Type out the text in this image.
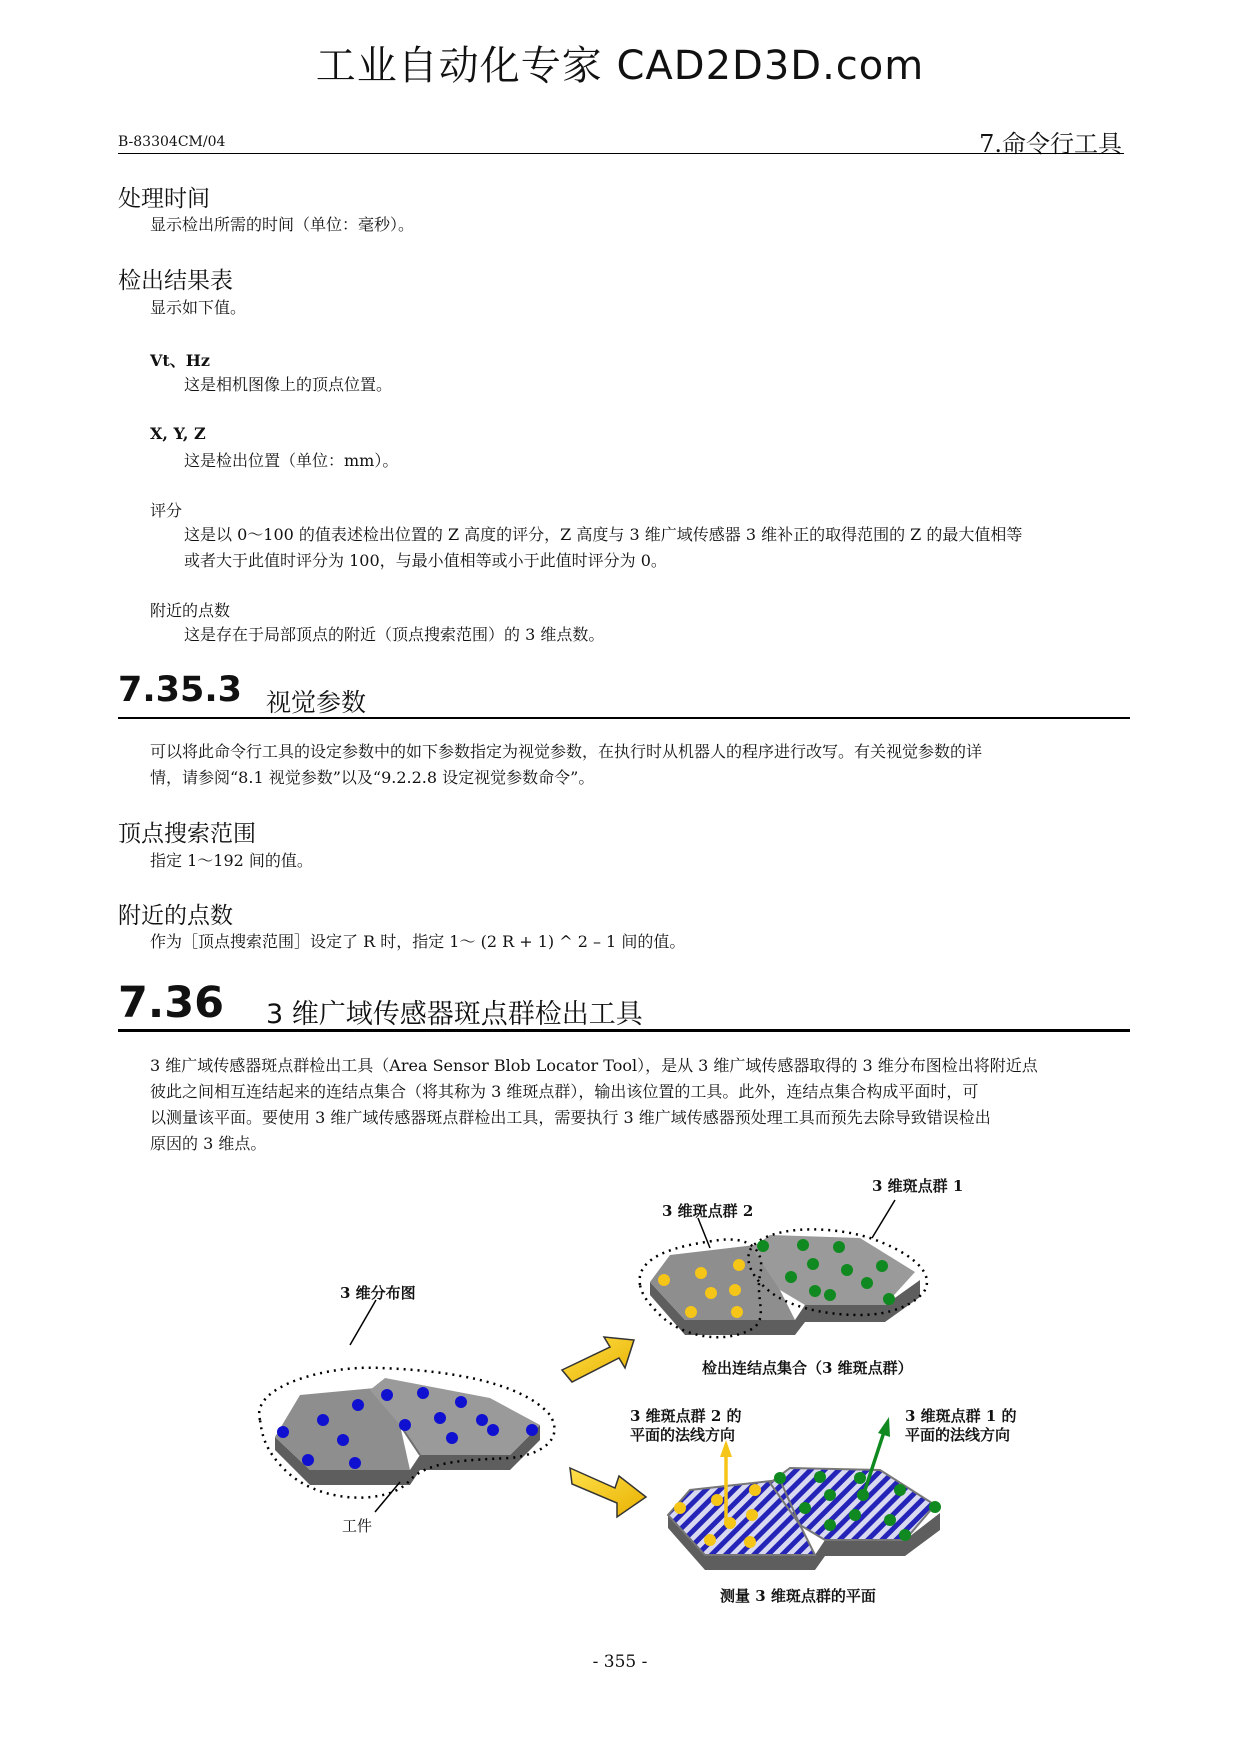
工业自动化专家 CAD2D3D.com
B-83304CM/04	7.命令行工具
处理时间
显示检出所需的时间（单位：毫秒）。
检出结果表
显示如下值。
Vt、Hz
这是相机图像上的顶点位置。
X, Y, Z
这是检出位置（单位：mm）。
评分
这是以 0～100 的值表述检出位置的 Z 高度的评分，Z 高度与 3 维广域传感器 3 维补正的取得范围的 Z 的最大值相等
或者大于此值时评分为 100，与最小值相等或小于此值时评分为 0。
附近的点数
这是存在于局部顶点的附近（顶点搜索范围）的 3 维点数。
7.35.3 视觉参数
可以将此命令行工具的设定参数中的如下参数指定为视觉参数，在执行时从机器人的程序进行改写。有关视觉参数的详
情，请参阅“8.1 视觉参数”以及“9.2.2.8 设定视觉参数命令”。
顶点搜索范围
指定 1～192 间的值。
附近的点数
作为［顶点搜索范围］设定了 R 时，指定 1～ (2 R + 1) ^ 2 – 1 间的值。
7.36 3 维广域传感器斑点群检出工具
3 维广域传感器斑点群检出工具（Area Sensor Blob Locator Tool），是从 3 维广域传感器取得的 3 维分布图检出将附近点
彼此之间相互连结起来的连结点集合（将其称为 3 维斑点群），输出该位置的工具。此外，连结点集合构成平面时，可
以测量该平面。要使用 3 维广域传感器斑点群检出工具，需要执行 3 维广域传感器预处理工具而预先去除导致错误检出
原因的 3 维点。
3 维分布图
工件
3 维斑点群 2
3 维斑点群 1
检出连结点集合（3 维斑点群）
3 维斑点群 2 的
平面的法线方向
3 维斑点群 1 的
平面的法线方向
测量 3 维斑点群的平面
- 355 -
